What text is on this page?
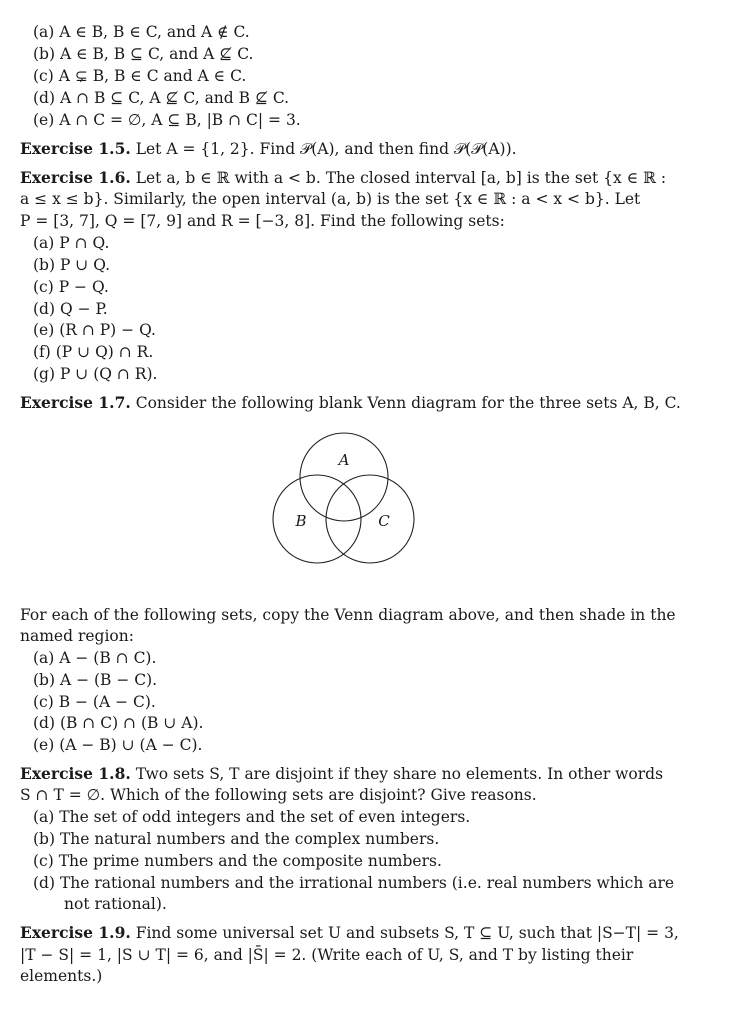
(a) A ∈ B, B ∈ C, and A ∉ C.
(b) A ∈ B, B ⊆ C, and A ⊈ C.
(c) A ⊊ B, B ∈ C and A ∈ C.
(d) A ∩ B ⊆ C, A ⊈ C, and B ⊈ C.
(e) A ∩ C = ∅, A ⊆ B, |B ∩ C| = 3.
Exercise 1.5. Let A = {1, 2}. Find 𝒫(A), and then find 𝒫(𝒫(A)).
Exercise 1.6. Let a, b ∈ ℝ with a < b. The closed interval [a, b] is the set {x ∈ ℝ :
a ≤ x ≤ b}. Similarly, the open interval (a, b) is the set {x ∈ ℝ : a < x < b}. Let
P = [3, 7], Q = [7, 9] and R = [−3, 8]. Find the following sets:
(a) P ∩ Q.
(b) P ∪ Q.
(c) P − Q.
(d) Q − P.
(e) (R ∩ P) − Q.
(f) (P ∪ Q) ∩ R.
(g) P ∪ (Q ∩ R).
Exercise 1.7. Consider the following blank Venn diagram for the three sets A, B, C.
A
B	C
For each of the following sets, copy the Venn diagram above, and then shade in the
named region:
(a) A − (B ∩ C).
(b) A − (B − C).
(c) B − (A − C).
(d) (B ∩ C) ∩ (B ∪ A).
(e) (A − B) ∪ (A − C).
Exercise 1.8. Two sets S, T are disjoint if they share no elements. In other words
S ∩ T = ∅. Which of the following sets are disjoint? Give reasons.
(a) The set of odd integers and the set of even integers.
(b) The natural numbers and the complex numbers.
(c) The prime numbers and the composite numbers.
(d) The rational numbers and the irrational numbers (i.e. real numbers which are
not rational).
Exercise 1.9. Find some universal set U and subsets S, T ⊆ U, such that |S−T| = 3,
|T − S| = 1, |S ∪ T| = 6, and |S̄| = 2. (Write each of U, S, and T by listing their
elements.)
